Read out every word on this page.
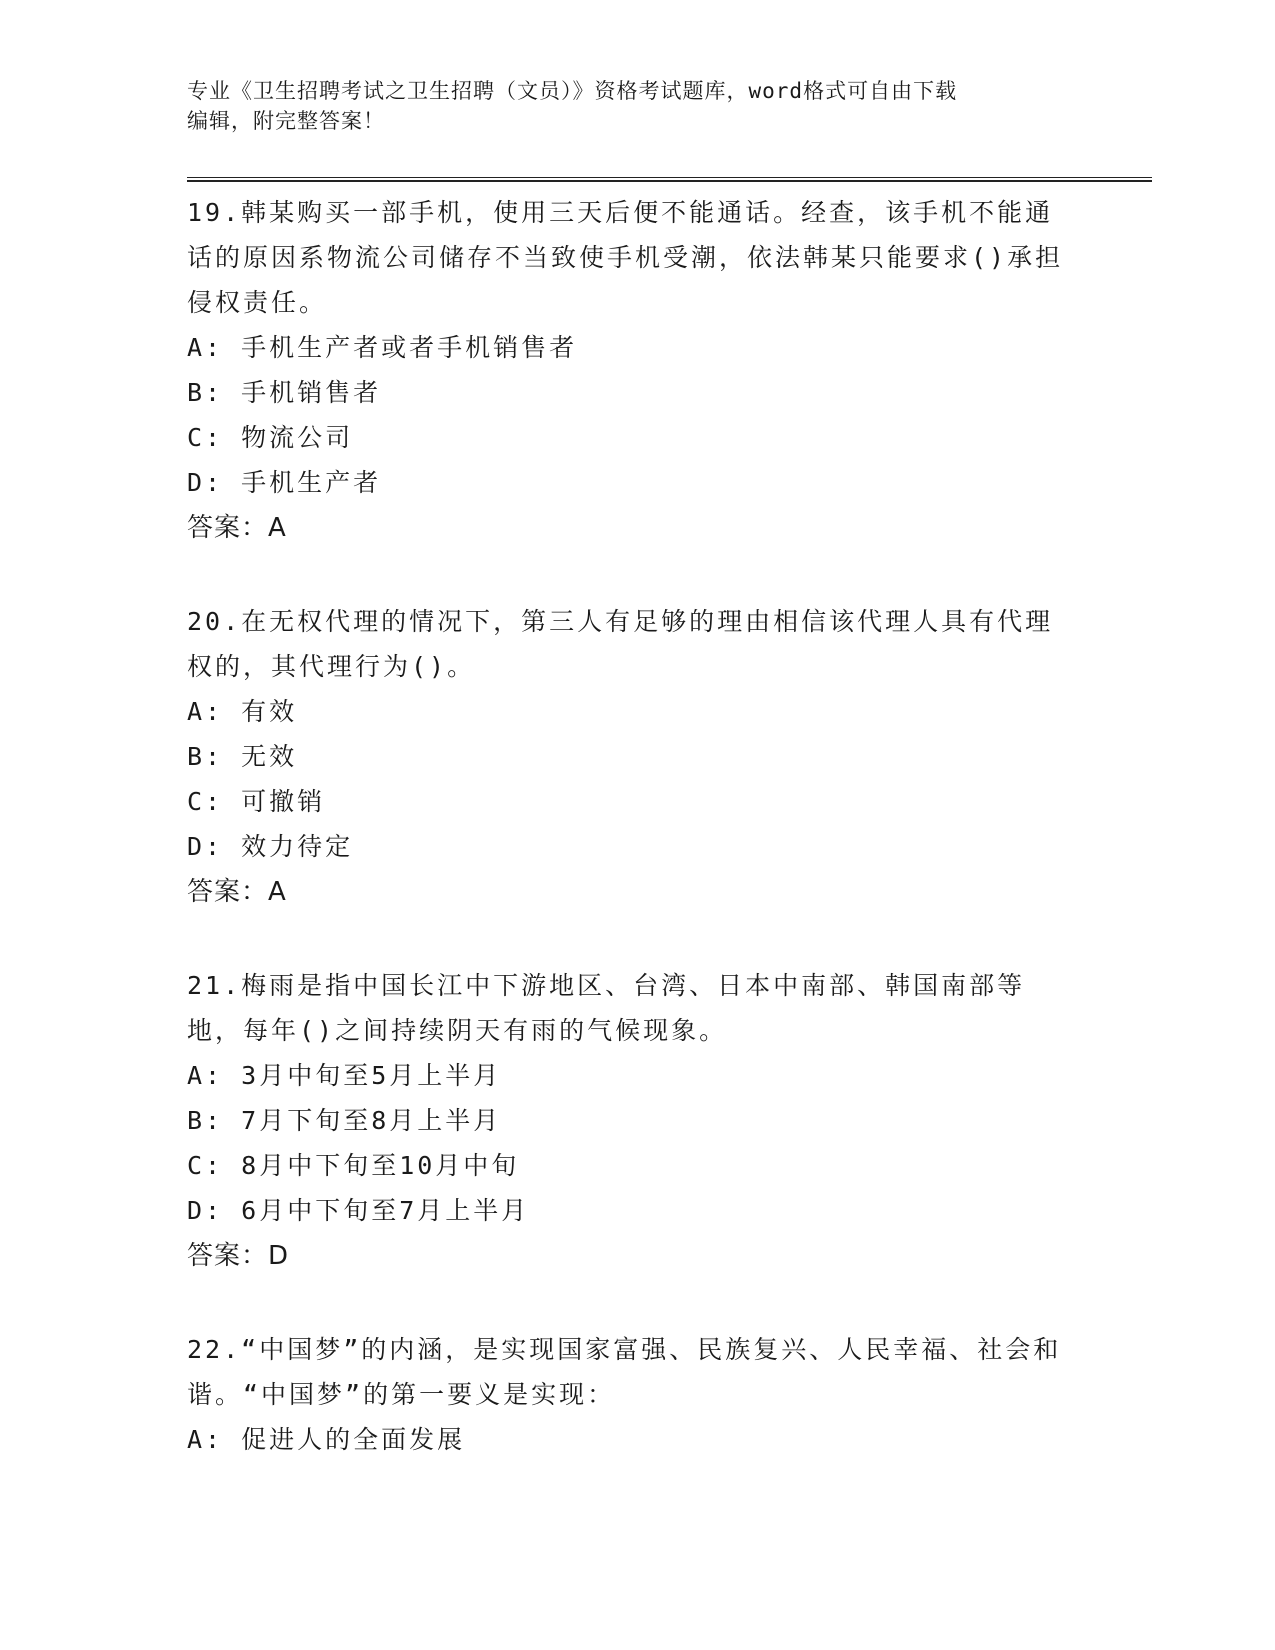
专业《卫生招聘考试之卫生招聘（文员）》资格考试题库，word格式可自由下载
编辑，附完整答案！

19.韩某购买一部手机，使用三天后便不能通话。经查，该手机不能通话的原因系物流公司储存不当致使手机受潮，依法韩某只能要求()承担侵权责任。

A: 手机生产者或者手机销售者

B: 手机销售者

C: 物流公司

D: 手机生产者

答案：A

20.在无权代理的情况下，第三人有足够的理由相信该代理人具有代理权的，其代理行为()。

A: 有效

B: 无效

C: 可撤销

D: 效力待定

答案：A

21.梅雨是指中国长江中下游地区、台湾、日本中南部、韩国南部等地，每年()之间持续阴天有雨的气候现象。

A: 3月中旬至5月上半月

B: 7月下旬至8月上半月

C: 8月中下旬至10月中旬

D: 6月中下旬至7月上半月

答案：D

22.“中国梦”的内涵，是实现国家富强、民族复兴、人民幸福、社会和谐。“中国梦”的第一要义是实现：

A: 促进人的全面发展
